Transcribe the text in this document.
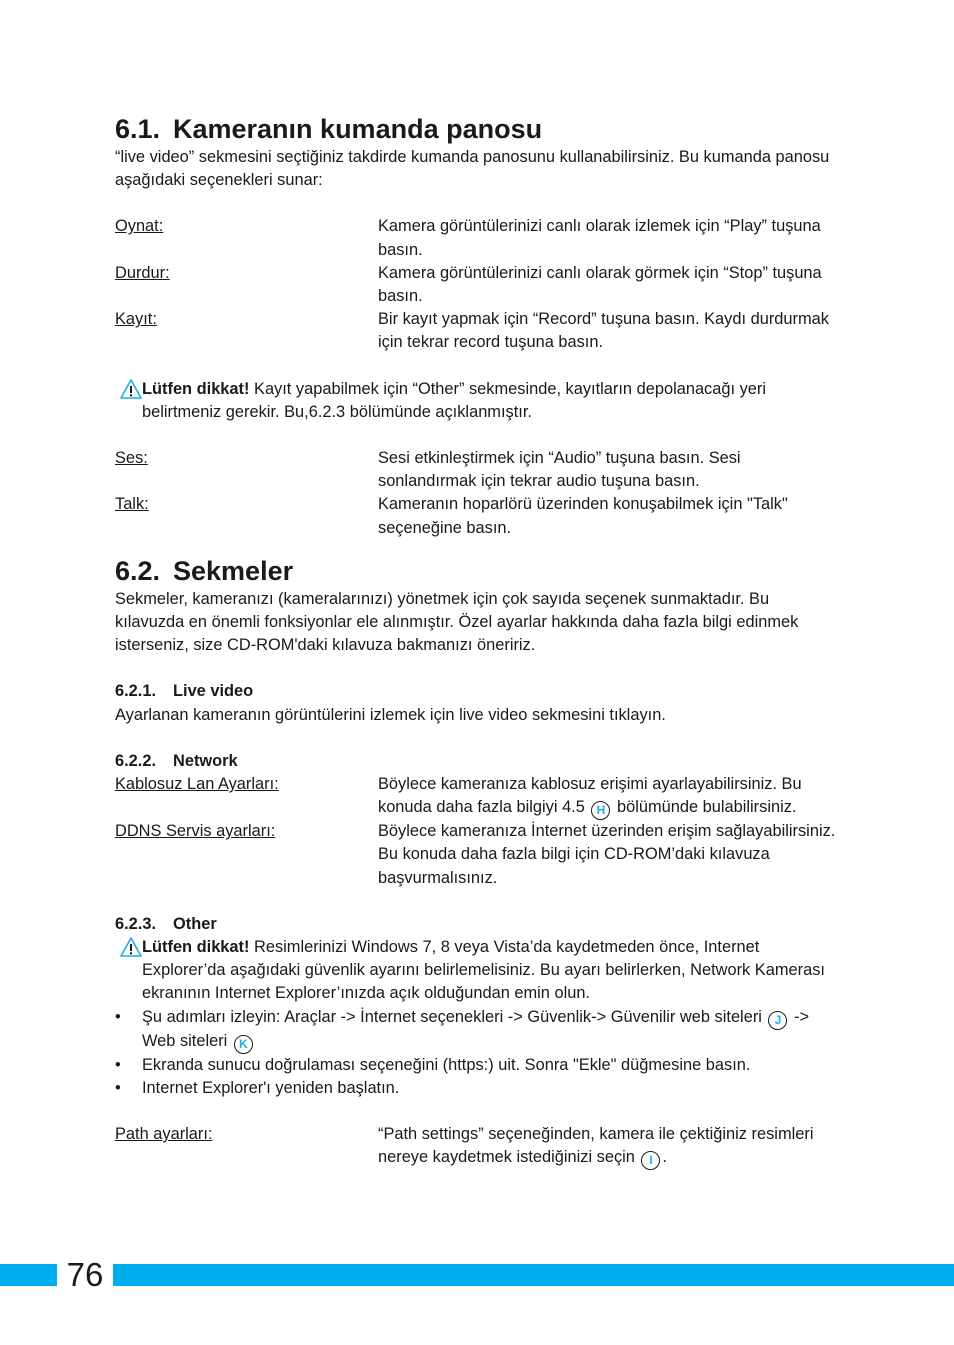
6.1. Kameranın kumanda panosu

“live video” sekmesini seçtiğiniz takdirde kumanda panosunu kullanabilirsiniz. Bu kumanda panosu aşağıdaki seçenekleri sunar:

Oynat:	Kamera görüntülerinizi canlı olarak izlemek için “Play” tuşuna basın.
Durdur:	Kamera görüntülerinizi canlı olarak görmek için “Stop” tuşuna basın.
Kayıt:	Bir kayıt yapmak için “Record” tuşuna basın. Kaydı durdurmak için tekrar record tuşuna basın.

Lütfen dikkat! Kayıt yapabilmek için “Other” sekmesinde, kayıtların depolanacağı yeri belirtmeniz gerekir. Bu,6.2.3 bölümünde açıklanmıştır.

Ses:	Sesi etkinleştirmek için “Audio” tuşuna basın. Sesi sonlandırmak için tekrar audio tuşuna basın.
Talk:	Kameranın hoparlörü üzerinden konuşabilmek için "Talk" seçeneğine basın.
6.2. Sekmeler

Sekmeler, kameranızı (kameralarınızı) yönetmek için çok sayıda seçenek sunmaktadır. Bu kılavuzda en önemli fonksiyonlar ele alınmıştır. Özel ayarlar hakkında daha fazla bilgi edinmek isterseniz, size CD-ROM'daki kılavuza bakmanızı öneririz.

6.2.1. Live video

Ayarlanan kameranın görüntülerini izlemek için live video sekmesini tıklayın.

6.2.2. Network
Kablosuz Lan Ayarları:	Böylece kameranıza kablosuz erişimi ayarlayabilirsiniz. Bu konuda daha fazla bilgiyi 4.5 H bölümünde bulabilirsiniz.
DDNS Servis ayarları:	Böylece kameranıza İnternet üzerinden erişim sağlayabilirsiniz. Bu konuda daha fazla bilgi için CD-ROM’daki kılavuza başvurmalısınız.
6.2.3. Other

Lütfen dikkat! Resimlerinizi Windows 7, 8 veya Vista’da kaydetmeden önce, Internet Explorer’da aşağıdaki güvenlik ayarını belirlemelisiniz. Bu ayarı belirlerken, Network Kamerası ekranının Internet Explorer’ınızda açık olduğundan emin olun.

• Şu adımları izleyin: Araçlar -> İnternet seçenekleri -> Güvenlik-> Güvenilir web siteleri J -> Web siteleri K
• Ekranda sunucu doğrulaması seçeneğini (https:) uit. Sonra "Ekle" düğmesine basın.
• Internet Explorer'ı yeniden başlatın.
Path ayarları:	“Path settings” seçeneğinden, kamera ile çektiğiniz resimleri nereye kaydetmek istediğinizi seçin I .
76
